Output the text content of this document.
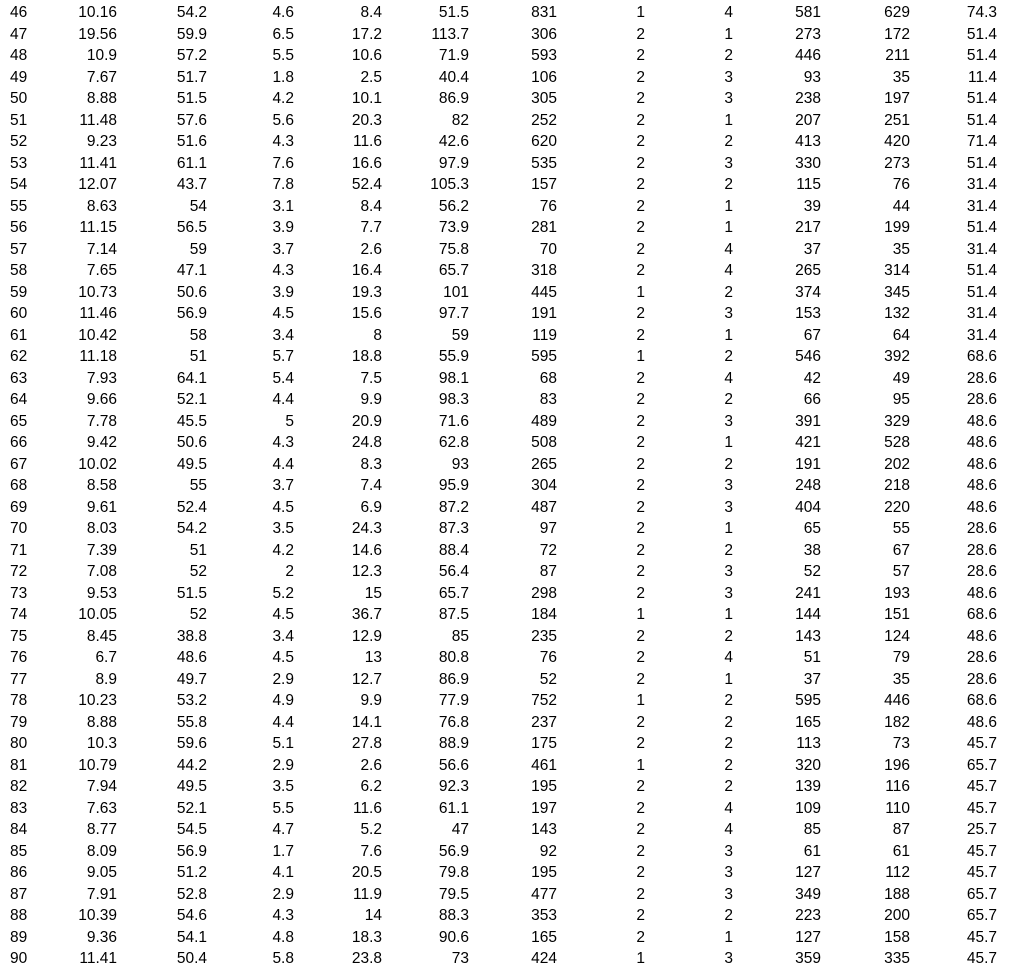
46	10.16	54.2	4.6	8.4	51.5	831	1	4	581	629	74.3
47	19.56	59.9	6.5	17.2	113.7	306	2	1	273	172	51.4
48	10.9	57.2	5.5	10.6	71.9	593	2	2	446	211	51.4
49	7.67	51.7	1.8	2.5	40.4	106	2	3	93	35	11.4
50	8.88	51.5	4.2	10.1	86.9	305	2	3	238	197	51.4
51	11.48	57.6	5.6	20.3	82	252	2	1	207	251	51.4
52	9.23	51.6	4.3	11.6	42.6	620	2	2	413	420	71.4
53	11.41	61.1	7.6	16.6	97.9	535	2	3	330	273	51.4
54	12.07	43.7	7.8	52.4	105.3	157	2	2	115	76	31.4
55	8.63	54	3.1	8.4	56.2	76	2	1	39	44	31.4
56	11.15	56.5	3.9	7.7	73.9	281	2	1	217	199	51.4
57	7.14	59	3.7	2.6	75.8	70	2	4	37	35	31.4
58	7.65	47.1	4.3	16.4	65.7	318	2	4	265	314	51.4
59	10.73	50.6	3.9	19.3	101	445	1	2	374	345	51.4
60	11.46	56.9	4.5	15.6	97.7	191	2	3	153	132	31.4
61	10.42	58	3.4	8	59	119	2	1	67	64	31.4
62	11.18	51	5.7	18.8	55.9	595	1	2	546	392	68.6
63	7.93	64.1	5.4	7.5	98.1	68	2	4	42	49	28.6
64	9.66	52.1	4.4	9.9	98.3	83	2	2	66	95	28.6
65	7.78	45.5	5	20.9	71.6	489	2	3	391	329	48.6
66	9.42	50.6	4.3	24.8	62.8	508	2	1	421	528	48.6
67	10.02	49.5	4.4	8.3	93	265	2	2	191	202	48.6
68	8.58	55	3.7	7.4	95.9	304	2	3	248	218	48.6
69	9.61	52.4	4.5	6.9	87.2	487	2	3	404	220	48.6
70	8.03	54.2	3.5	24.3	87.3	97	2	1	65	55	28.6
71	7.39	51	4.2	14.6	88.4	72	2	2	38	67	28.6
72	7.08	52	2	12.3	56.4	87	2	3	52	57	28.6
73	9.53	51.5	5.2	15	65.7	298	2	3	241	193	48.6
74	10.05	52	4.5	36.7	87.5	184	1	1	144	151	68.6
75	8.45	38.8	3.4	12.9	85	235	2	2	143	124	48.6
76	6.7	48.6	4.5	13	80.8	76	2	4	51	79	28.6
77	8.9	49.7	2.9	12.7	86.9	52	2	1	37	35	28.6
78	10.23	53.2	4.9	9.9	77.9	752	1	2	595	446	68.6
79	8.88	55.8	4.4	14.1	76.8	237	2	2	165	182	48.6
80	10.3	59.6	5.1	27.8	88.9	175	2	2	113	73	45.7
81	10.79	44.2	2.9	2.6	56.6	461	1	2	320	196	65.7
82	7.94	49.5	3.5	6.2	92.3	195	2	2	139	116	45.7
83	7.63	52.1	5.5	11.6	61.1	197	2	4	109	110	45.7
84	8.77	54.5	4.7	5.2	47	143	2	4	85	87	25.7
85	8.09	56.9	1.7	7.6	56.9	92	2	3	61	61	45.7
86	9.05	51.2	4.1	20.5	79.8	195	2	3	127	112	45.7
87	7.91	52.8	2.9	11.9	79.5	477	2	3	349	188	65.7
88	10.39	54.6	4.3	14	88.3	353	2	2	223	200	65.7
89	9.36	54.1	4.8	18.3	90.6	165	2	1	127	158	45.7
90	11.41	50.4	5.8	23.8	73	424	1	3	359	335	45.7
